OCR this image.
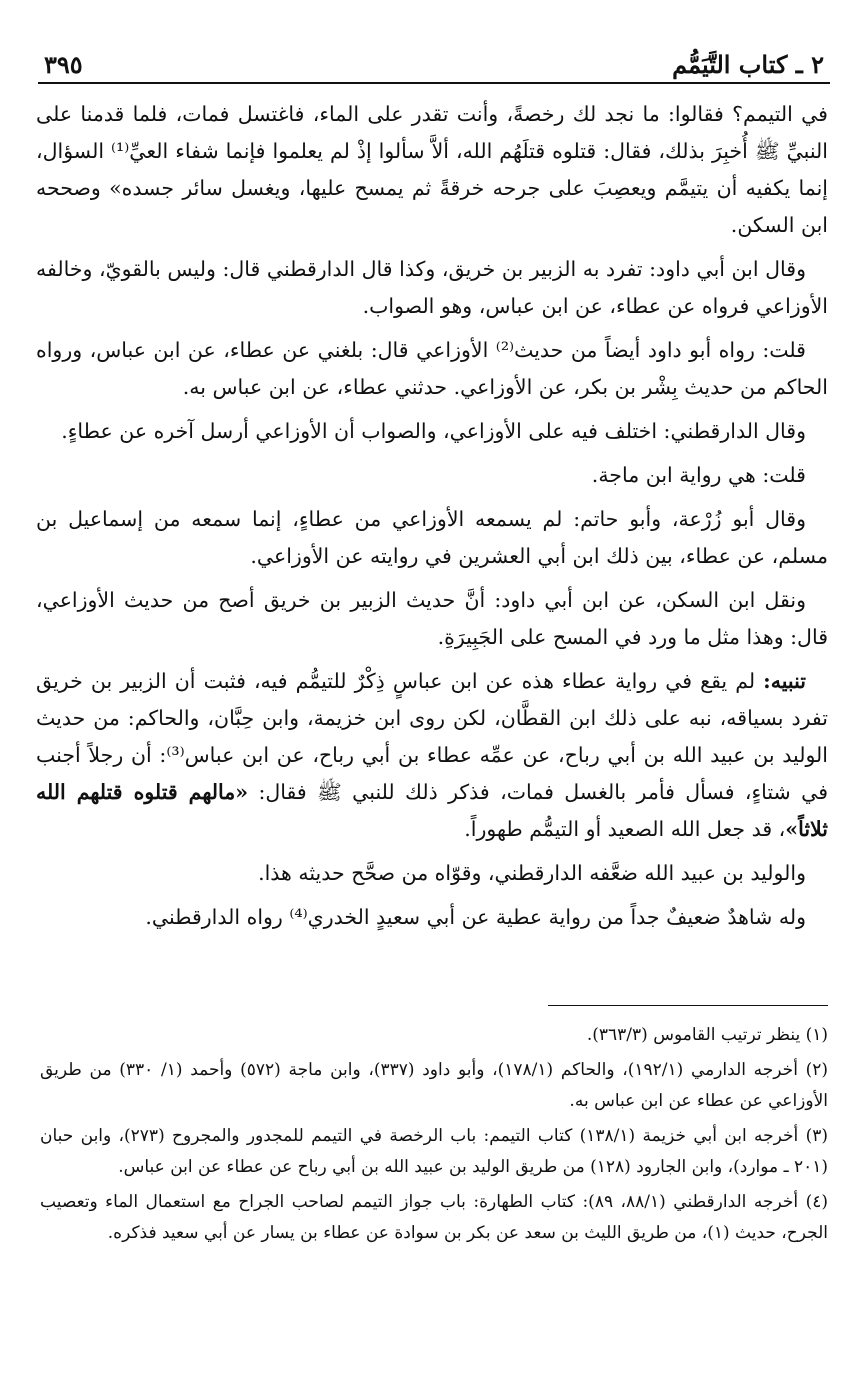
٢ ـ كتاب التَّيَمُّم
٣٩٥

في التيمم؟ فقالوا: ما نجد لك رخصةً، وأنت تقدر على الماء، فاغتسل فمات، فلما قدمنا على النبيِّ ﷺ أُخبِرَ بذلك، فقال: قتلوه قتلَهُم الله، ألاَّ سألوا إذْ لم يعلموا فإنما شفاء العيِّ⁽¹⁾ السؤال، إنما يكفيه أن يتيمَّم ويعصِبَ على جرحه خرقةً ثم يمسح عليها، ويغسل سائر جسده» وصححه ابن السكن.

وقال ابن أبي داود: تفرد به الزبير بن خريق، وكذا قال الدارقطني قال: وليس بالقويّ، وخالفه الأوزاعي فرواه عن عطاء، عن ابن عباس، وهو الصواب.

قلت: رواه أبو داود أيضاً من حديث⁽²⁾ الأوزاعي قال: بلغني عن عطاء، عن ابن عباس، ورواه الحاكم من حديث بِشْر بن بكر، عن الأوزاعي. حدثني عطاء، عن ابن عباس به.

وقال الدارقطني: اختلف فيه على الأوزاعي، والصواب أن الأوزاعي أرسل آخره عن عطاءٍ.

قلت: هي رواية ابن ماجة.

وقال أبو زُرْعة، وأبو حاتم: لم يسمعه الأوزاعي من عطاءٍ، إنما سمعه من إسماعيل بن مسلم، عن عطاء، بين ذلك ابن أبي العشرين في روايته عن الأوزاعي.

ونقل ابن السكن، عن ابن أبي داود: أنَّ حديث الزبير بن خريق أصح من حديث الأوزاعي، قال: وهذا مثل ما ورد في المسح على الجَبِيرَةِ.

تنبيه: لم يقع في رواية عطاء هذه عن ابن عباسٍ ذِكْرٌ للتيمُّم فيه، فثبت أن الزبير بن خريق تفرد بسياقه، نبه على ذلك ابن القطَّان، لكن روى ابن خزيمة، وابن حِبَّان، والحاكم: من حديث الوليد بن عبيد الله بن أبي رباح، عن عمِّه عطاء بن أبي رباح، عن ابن عباس⁽³⁾: أن رجلاً أجنب في شتاءٍ، فسأل فأمر بالغسل فمات، فذكر ذلك للنبي ﷺ فقال: «مالهم قتلوه قتلهم الله ثلاثاً»، قد جعل الله الصعيد أو التيمُّم طهوراً.

والوليد بن عبيد الله ضعَّفه الدارقطني، وقوّاه من صحَّح حديثه هذا.

وله شاهدٌ ضعيفٌ جداً من رواية عطية عن أبي سعيدٍ الخدري⁽⁴⁾ رواه الدارقطني.

(١) ينظر ترتيب القاموس (٣٦٣/٣).

(٢) أخرجه الدارمي (١٩٢/١)، والحاكم (١٧٨/١)، وأبو داود (٣٣٧)، وابن ماجة (٥٧٢) وأحمد (١/ ٣٣٠) من طريق الأوزاعي عن عطاء عن ابن عباس به.

(٣) أخرجه ابن أبي خزيمة (١٣٨/١) كتاب التيمم: باب الرخصة في التيمم للمجدور والمجروح (٢٧٣)، وابن حبان (٢٠١ ـ موارد)، وابن الجارود (١٢٨) من طريق الوليد بن عبيد الله بن أبي رباح عن عطاء عن ابن عباس.

(٤) أخرجه الدارقطني (٨٨/١، ٨٩): كتاب الطهارة: باب جواز التيمم لصاحب الجراح مع استعمال الماء وتعصيب الجرح، حديث (١)، من طريق الليث بن سعد عن بكر بن سوادة عن عطاء بن يسار عن أبي سعيد فذكره.
